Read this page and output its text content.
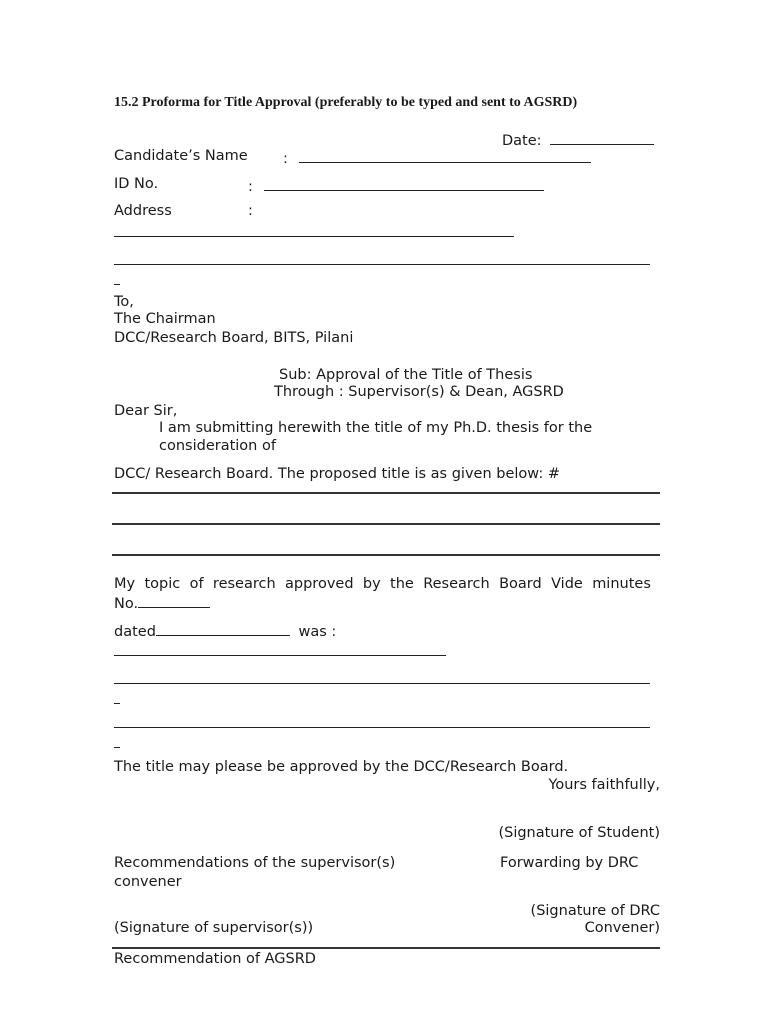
15.2 Proforma for Title Approval (preferably to be typed and sent to AGSRD)
Date:
Candidate’s Name :
ID No.	:
Address	:
To,
The Chairman
DCC/Research Board, BITS, Pilani
Sub: Approval of the Title of Thesis
Through : Supervisor(s) & Dean, AGSRD
Dear Sir,
I am submitting herewith the title of my Ph.D. thesis for the
consideration of
DCC/ Research Board. The proposed title is as given below: #
My topic of research approved by the Research Board Vide minutes
No.
dated	was :
The title may please be approved by the DCC/Research Board.
Yours faithfully,
(Signature of Student)
Recommendations of the supervisor(s)	Forwarding by DRC
convener
(Signature of DRC
Convener)
(Signature of supervisor(s))
Recommendation of AGSRD
